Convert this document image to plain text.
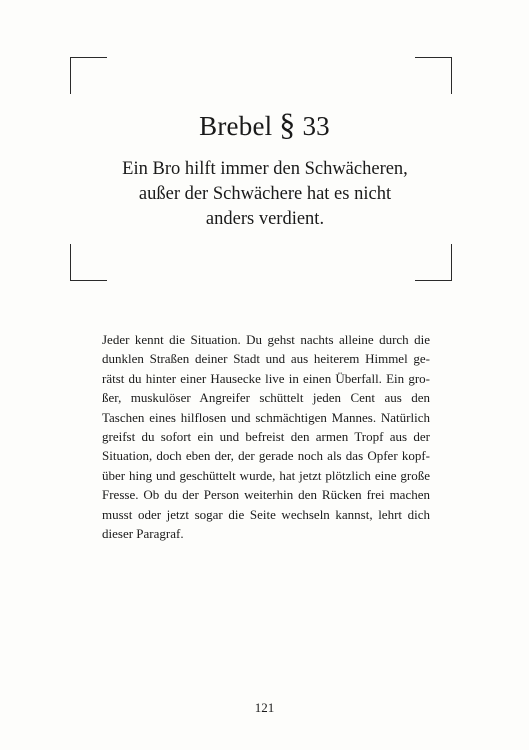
Brebel § 33
Ein Bro hilft immer den Schwächeren,
außer der Schwächere hat es nicht
anders verdient.
Jeder kennt die Situation. Du gehst nachts alleine durch die
dunklen Straßen deiner Stadt und aus heiterem Himmel ge-
rätst du hinter einer Hausecke live in einen Überfall. Ein gro-
ßer, muskulöser Angreifer schüttelt jeden Cent aus den
Taschen eines hilflosen und schmächtigen Mannes. Natürlich
greifst du sofort ein und befreist den armen Tropf aus der
Situation, doch eben der, der gerade noch als das Opfer kopf-
über hing und geschüttelt wurde, hat jetzt plötzlich eine große
Fresse. Ob du der Person weiterhin den Rücken frei machen
musst oder jetzt sogar die Seite wechseln kannst, lehrt dich
dieser Paragraf.
121
